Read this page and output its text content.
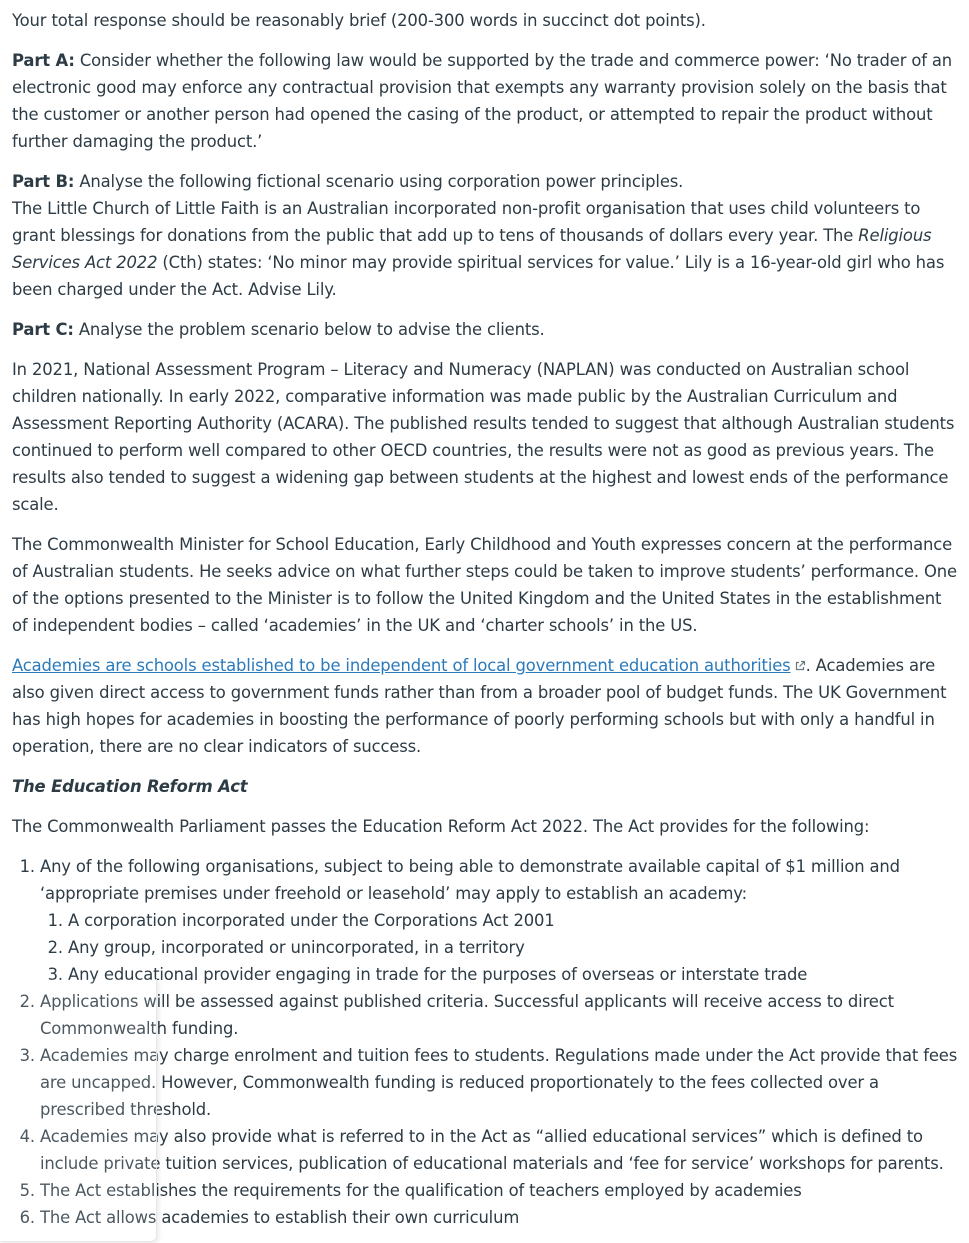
Your total response should be reasonably brief (200-300 words in succinct dot points).

Part A: Consider whether the following law would be supported by the trade and commerce power: ‘No trader of an electronic good may enforce any contractual provision that exempts any warranty provision solely on the basis that the customer or another person had opened the casing of the product, or attempted to repair the product without further damaging the product.’

Part B: Analyse the following fictional scenario using corporation power principles.
The Little Church of Little Faith is an Australian incorporated non-profit organisation that uses child volunteers to grant blessings for donations from the public that add up to tens of thousands of dollars every year. The Religious Services Act 2022 (Cth) states: ‘No minor may provide spiritual services for value.’ Lily is a 16-year-old girl who has been charged under the Act. Advise Lily.

Part C: Analyse the problem scenario below to advise the clients.

In 2021, National Assessment Program – Literacy and Numeracy (NAPLAN) was conducted on Australian school children nationally. In early 2022, comparative information was made public by the Australian Curriculum and Assessment Reporting Authority (ACARA). The published results tended to suggest that although Australian students continued to perform well compared to other OECD countries, the results were not as good as previous years. The results also tended to suggest a widening gap between students at the highest and lowest ends of the performance scale.

The Commonwealth Minister for School Education, Early Childhood and Youth expresses concern at the performance of Australian students. He seeks advice on what further steps could be taken to improve students’ performance. One of the options presented to the Minister is to follow the United Kingdom and the United States in the establishment of independent bodies – called ‘academies’ in the UK and ‘charter schools’ in the US.

Academies are schools established to be independent of local government education authorities . Academies are also given direct access to government funds rather than from a broader pool of budget funds. The UK Government has high hopes for academies in boosting the performance of poorly performing schools but with only a handful in operation, there are no clear indicators of success.

The Education Reform Act

The Commonwealth Parliament passes the Education Reform Act 2022. The Act provides for the following:

1. Any of the following organisations, subject to being able to demonstrate available capital of $1 million and ‘appropriate premises under freehold or leasehold’ may apply to establish an academy:
1. A corporation incorporated under the Corporations Act 2001
2. Any group, incorporated or unincorporated, in a territory
3. Any educational provider engaging in trade for the purposes of overseas or interstate trade
2. Applications will be assessed against published criteria. Successful applicants will receive access to direct Commonwealth funding.
3. Academies may charge enrolment and tuition fees to students. Regulations made under the Act provide that fees are uncapped. However, Commonwealth funding is reduced proportionately to the fees collected over a prescribed threshold.
4. Academies may also provide what is referred to in the Act as “allied educational services” which is defined to include private tuition services, publication of educational materials and ‘fee for service’ workshops for parents.
5. The Act establishes the requirements for the qualification of teachers employed by academies
6. The Act allows academies to establish their own curriculum
